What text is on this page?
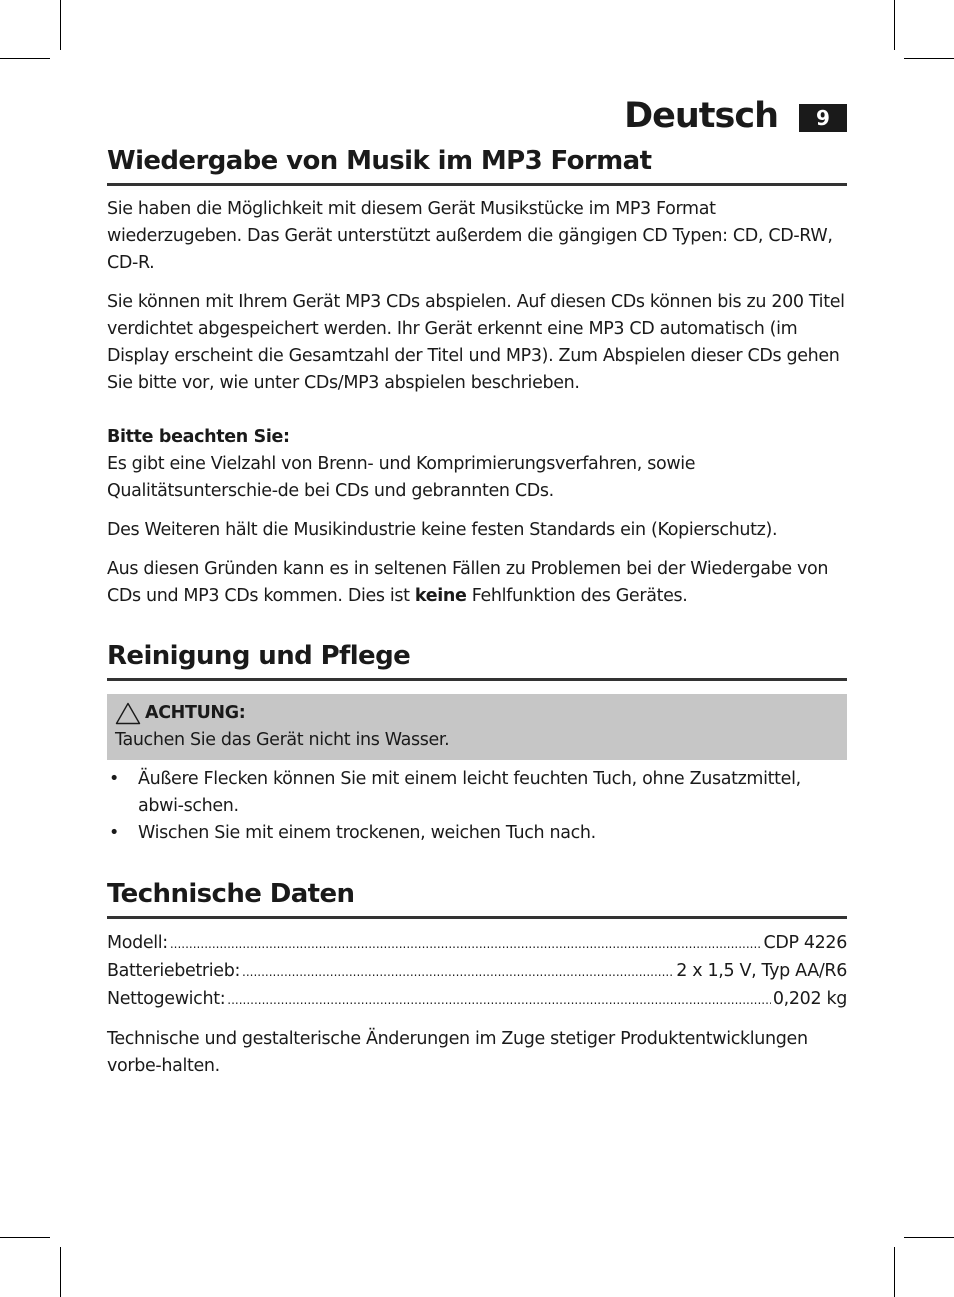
Deutsch	9
Wiedergabe von Musik im MP3 Format

Sie haben die Möglichkeit mit diesem Gerät Musikstücke im MP3 Format wiederzugeben. Das Gerät unterstützt außerdem die gängigen CD Typen: CD, CD-RW, CD-R.

Sie können mit Ihrem Gerät MP3 CDs abspielen. Auf diesen CDs können bis zu 200 Titel verdichtet abgespeichert werden. Ihr Gerät erkennt eine MP3 CD automatisch (im Display erscheint die Gesamtzahl der Titel und MP3). Zum Abspielen dieser CDs gehen Sie bitte vor, wie unter CDs/MP3 abspielen beschrieben.

Bitte beachten Sie:

Es gibt eine Vielzahl von Brenn- und Komprimierungsverfahren, sowie Qualitätsunterschie-de bei CDs und gebrannten CDs.

Des Weiteren hält die Musikindustrie keine festen Standards ein (Kopierschutz).

Aus diesen Gründen kann es in seltenen Fällen zu Problemen bei der Wiedergabe von CDs und MP3 CDs kommen. Dies ist keine Fehlfunktion des Gerätes.

Reinigung und Pflege
ACHTUNG:

Tauchen Sie das Gerät nicht ins Wasser.

• Äußere Flecken können Sie mit einem leicht feuchten Tuch, ohne Zusatzmittel, abwi-schen.
• Wischen Sie mit einem trockenen, weichen Tuch nach.
Technische Daten
Modell: .....	CDP 4226
Batteriebetrieb: .....	2 x 1,5 V, Typ AA/R6
Nettogewicht: .....	0,202 kg

Technische und gestalterische Änderungen im Zuge stetiger Produktentwicklungen vorbe-halten.
